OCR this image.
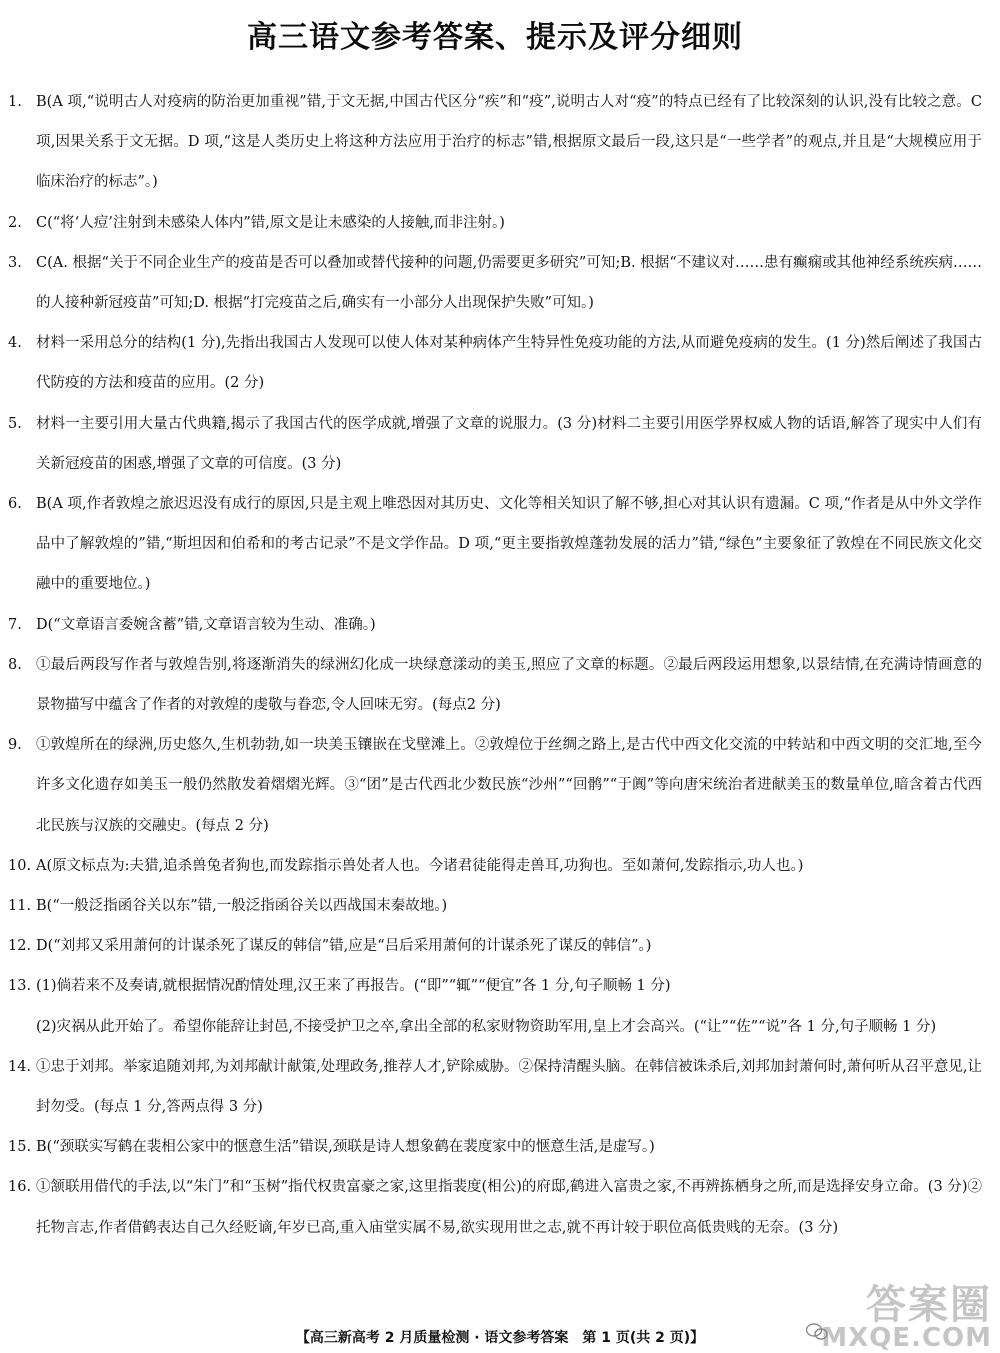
高三语文参考答案、提示及评分细则
1. B(A 项,“说明古人对疫病的防治更加重视”错,于文无据,中国古代区分“疾”和“疫”,说明古人对“疫”的特点已经有了比较深刻的认识,没有比较之意。C 项,因果关系于文无据。D 项,“这是人类历史上将这种方法应用于治疗的标志”错,根据原文最后一段,这只是“一些学者”的观点,并且是“大规模应用于临床治疗的标志”。)
2. C(“将‘人痘’注射到未感染人体内”错,原文是让未感染的人接触,而非注射。)
3. C(A. 根据“关于不同企业生产的疫苗是否可以叠加或替代接种的问题,仍需要更多研究”可知;B. 根据“不建议对……患有癫痫或其他神经系统疾病……的人接种新冠疫苗”可知;D. 根据“打完疫苗之后,确实有一小部分人出现保护失败”可知。)
4. 材料一采用总分的结构(1 分),先指出我国古人发现可以使人体对某种病体产生特异性免疫功能的方法,从而避免疫病的发生。(1 分)然后阐述了我国古代防疫的方法和疫苗的应用。(2 分)
5. 材料一主要引用大量古代典籍,揭示了我国古代的医学成就,增强了文章的说服力。(3 分)材料二主要引用医学界权威人物的话语,解答了现实中人们有关新冠疫苗的困惑,增强了文章的可信度。(3 分)
6. B(A 项,作者敦煌之旅迟迟没有成行的原因,只是主观上唯恐因对其历史、文化等相关知识了解不够,担心对其认识有遗漏。C 项,“作者是从中外文学作品中了解敦煌的”错,“斯坦因和伯希和的考古记录”不是文学作品。D 项,“更主要指敦煌蓬勃发展的活力”错,“绿色”主要象征了敦煌在不同民族文化交融中的重要地位。)
7. D(“文章语言委婉含蓄”错,文章语言较为生动、准确。)
8. ①最后两段写作者与敦煌告别,将逐渐消失的绿洲幻化成一块绿意漾动的美玉,照应了文章的标题。②最后两段运用想象,以景结情,在充满诗情画意的景物描写中蕴含了作者的对敦煌的虔敬与眷恋,令人回味无穷。(每点2 分)
9. ①敦煌所在的绿洲,历史悠久,生机勃勃,如一块美玉镶嵌在戈壁滩上。②敦煌位于丝绸之路上,是古代中西文化交流的中转站和中西文明的交汇地,至今许多文化遗存如美玉一般仍然散发着熠熠光辉。③“团”是古代西北少数民族“沙州”“回鹘”“于阗”等向唐宋统治者进献美玉的数量单位,暗含着古代西北民族与汉族的交融史。(每点 2 分)
10. A(原文标点为:夫猎,追杀兽兔者狗也,而发踪指示兽处者人也。今诸君徒能得走兽耳,功狗也。至如萧何,发踪指示,功人也。)
11. B(“一般泛指函谷关以东”错,一般泛指函谷关以西战国末秦故地。)
12. D(“刘邦又采用萧何的计谋杀死了谋反的韩信”错,应是“吕后采用萧何的计谋杀死了谋反的韩信”。)
13. (1)倘若来不及奏请,就根据情况酌情处理,汉王来了再报告。(“即”“辄”“便宜”各 1 分,句子顺畅 1 分)
(2)灾祸从此开始了。希望你能辞让封邑,不接受护卫之卒,拿出全部的私家财物资助军用,皇上才会高兴。(“让”“佐”“说”各 1 分,句子顺畅 1 分)
14. ①忠于刘邦。举家追随刘邦,为刘邦献计献策,处理政务,推荐人才,铲除威胁。②保持清醒头脑。在韩信被诛杀后,刘邦加封萧何时,萧何听从召平意见,让封勿受。(每点 1 分,答两点得 3 分)
15. B(“颈联实写鹤在裴相公家中的惬意生活”错误,颈联是诗人想象鹤在裴度家中的惬意生活,是虚写。)
16. ①颔联用借代的手法,以“朱门”和“玉树”指代权贵富豪之家,这里指裴度(相公)的府邸,鹤进入富贵之家,不再辨拣栖身之所,而是选择安身立命。(3 分)②托物言志,作者借鹤表达自己久经贬谪,年岁已高,重入庙堂实属不易,欲实现用世之志,就不再计较于职位高低贵贱的无奈。(3 分)
【高三新高考 2 月质量检测 · 语文参考答案　第 1 页(共 2 页)】
答案圈
MXQE.COM
